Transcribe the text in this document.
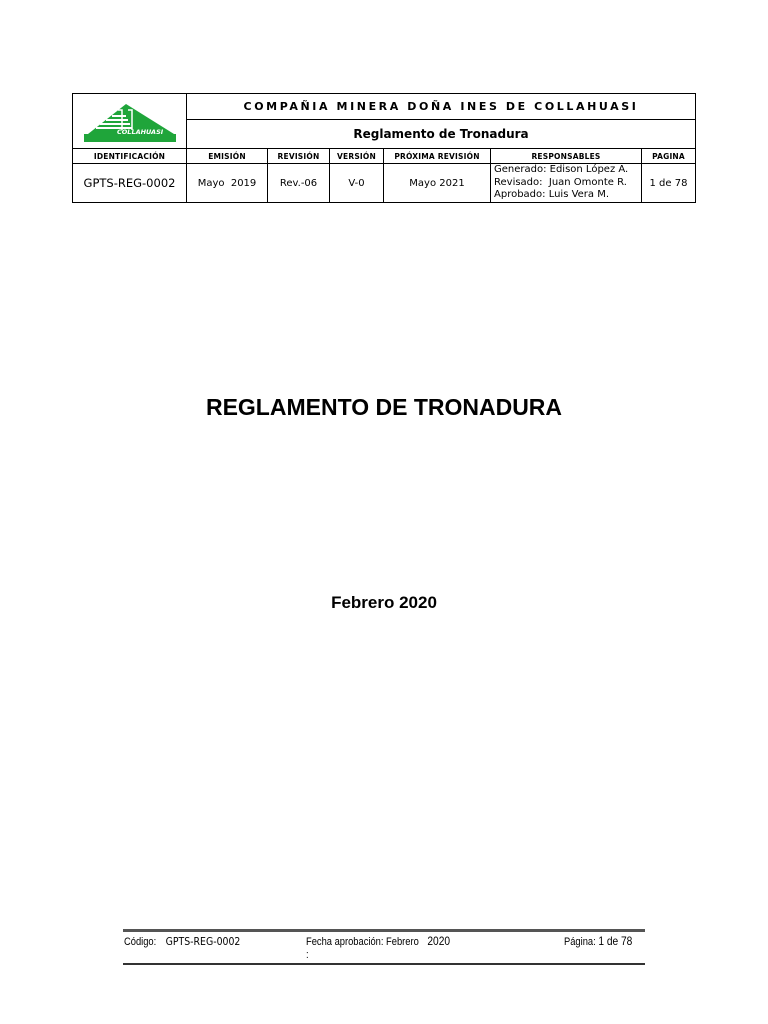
COLLAHUASI	COMPAÑIA MINERA DOÑA INES DE COLLAHUASI					
	Reglamento de Tronadura					
IDENTIFICACIÓN	EMISIÓN	REVISIÓN	VERSIÓN	PRÓXIMA REVISIÓN	RESPONSABLES	PAGINA
GPTS-REG-0002	Mayo  2019	Rev.-06	V-0	Mayo 2021	Generado: Edison López A.
Revisado:  Juan Omonte R.
Aprobado: Luis Vera M.	1 de 78
REGLAMENTO DE TRONADURA
Febrero 2020
Código: GPTS-REG-0002	Fecha aprobación: Febrero 2020
:
Página: 1 de 78
